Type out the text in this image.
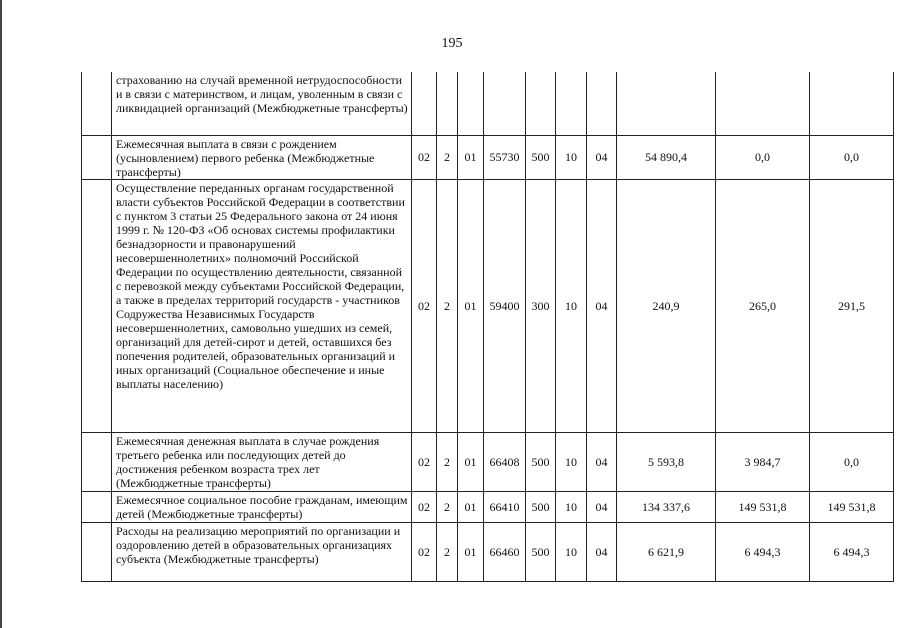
195
	страхованию на случай временной нетрудоспособности и в связи с материнством, и лицам, уволенным в связи с ликвидацией организаций (Межбюджетные трансферты)										
	Ежемесячная выплата в связи с рождением (усыновлением) первого ребенка (Межбюджетные трансферты)	02	2	01	55730	500	10	04	54 890,4	0,0	0,0
	Осуществление переданных органам государственной власти субъектов Российской Федерации в соответствии с пунктом 3 статьи 25 Федерального закона от 24 июня 1999 г. № 120-ФЗ «Об основах системы профилактики безнадзорности и правонарушений несовершеннолетних» полномочий Российской Федерации по осуществлению деятельности, связанной с перевозкой между субъектами Российской Федерации, а также в пределах территорий государств - участников Содружества Независимых Государств несовершеннолетних, самовольно ушедших из семей, организаций для детей-сирот и детей, оставшихся без попечения родителей, образовательных организаций и иных организаций (Социальное обеспечение и иные выплаты населению)	02	2	01	59400	300	10	04	240,9	265,0	291,5
	Ежемесячная денежная выплата в случае рождения третьего ребенка или последующих детей до достижения ребенком возраста трех лет (Межбюджетные трансферты)	02	2	01	66408	500	10	04	5 593,8	3 984,7	0,0
	Ежемесячное социальное пособие гражданам, имеющим детей (Межбюджетные трансферты)	02	2	01	66410	500	10	04	134 337,6	149 531,8	149 531,8
	Расходы на реализацию мероприятий по организации и оздоровлению детей в образовательных организациях субъекта (Межбюджетные трансферты)	02	2	01	66460	500	10	04	6 621,9	6 494,3	6 494,3
